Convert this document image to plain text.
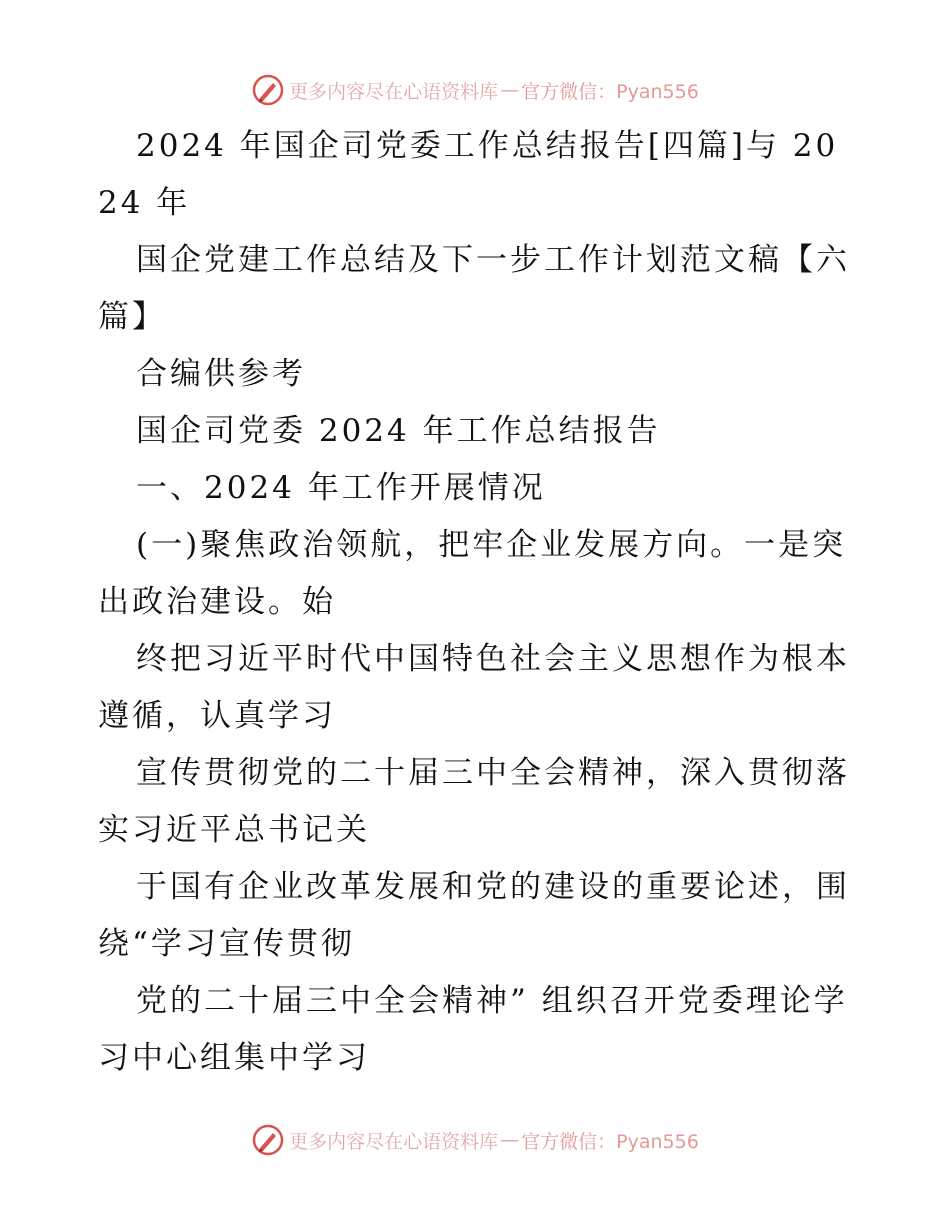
更多内容尽在心语资料库 — 官方微信：Pyan556

2024 年国企司党委工作总结报告[四篇]与 2024 年

国企党建工作总结及下一步工作计划范文稿【六篇】

合编供参考

国企司党委 2024 年工作总结报告

一、2024 年工作开展情况

(一)聚焦政治领航，把牢企业发展方向。一是突出政治建设。始

终把习近平时代中国特色社会主义思想作为根本遵循，认真学习

宣传贯彻党的二十届三中全会精神，深入贯彻落实习近平总书记关

于国有企业改革发展和党的建设的重要论述，围绕“学习宣传贯彻

党的二十届三中全会精神” 组织召开党委理论学习中心组集中学习

更多内容尽在心语资料库 — 官方微信：Pyan556
